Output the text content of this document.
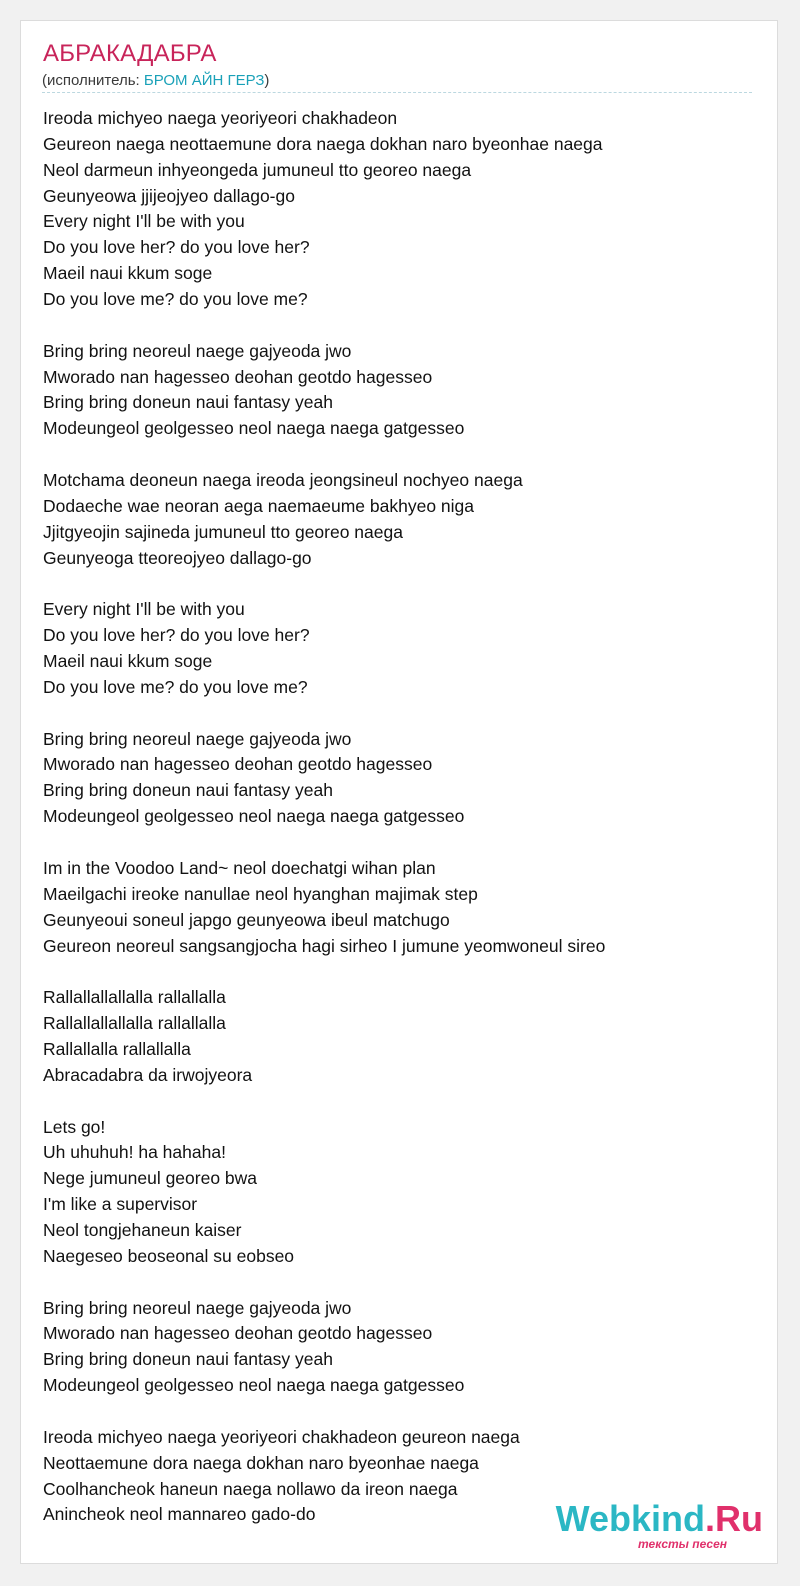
АБРАКАДАБРА
(исполнитель: БРОМ АЙН ГЕРЗ)
Ireoda michyeo naega yeoriyeori chakhadeon
Geureon naega neottaemune dora naega dokhan naro byeonhae naega
Neol darmeun inhyeongeda jumuneul tto georeo naega
Geunyeowa jjijeojyeo dallago-go
Every night I'll be with you
Do you love her? do you love her?
Maeil naui kkum soge
Do you love me? do you love me?
Bring bring neoreul naege gajyeoda jwo
Mworado nan hagesseo deohan geotdo hagesseo
Bring bring doneun naui fantasy yeah
Modeungeol geolgesseo neol naega naega gatgesseo
Motchama deoneun naega ireoda jeongsineul nochyeo naega
Dodaeche wae neoran aega naemaeume bakhyeo niga
Jjitgyeojin sajineda jumuneul tto georeo naega
Geunyeoga tteoreojyeo dallago-go
Every night I'll be with you
Do you love her? do you love her?
Maeil naui kkum soge
Do you love me? do you love me?
Bring bring neoreul naege gajyeoda jwo
Mworado nan hagesseo deohan geotdo hagesseo
Bring bring doneun naui fantasy yeah
Modeungeol geolgesseo neol naega naega gatgesseo
Im in the Voodoo Land~ neol doechatgi wihan plan
Maeilgachi ireoke nanullae neol hyanghan majimak step
Geunyeoui soneul japgo geunyeowa ibeul matchugo
Geureon neoreul sangsangjocha hagi sirheo I jumune yeomwoneul sireo
Rallallallallalla rallallalla
Rallallallallalla rallallalla
Rallallalla rallallalla
Abracadabra da irwojyeora
Lets go!
Uh uhuhuh! ha hahaha!
Nege jumuneul georeo bwa
I'm like a supervisor
Neol tongjehaneun kaiser
Naegeseo beoseonal su eobseo
Bring bring neoreul naege gajyeoda jwo
Mworado nan hagesseo deohan geotdo hagesseo
Bring bring doneun naui fantasy yeah
Modeungeol geolgesseo neol naega naega gatgesseo
Ireoda michyeo naega yeoriyeori chakhadeon geureon naega
Neottaemune dora naega dokhan naro byeonhae naega
Coolhancheok haneun naega nollawo da ireon naega
Anincheok neol mannareo gado-do	Webkind.Ru
тексты песен
